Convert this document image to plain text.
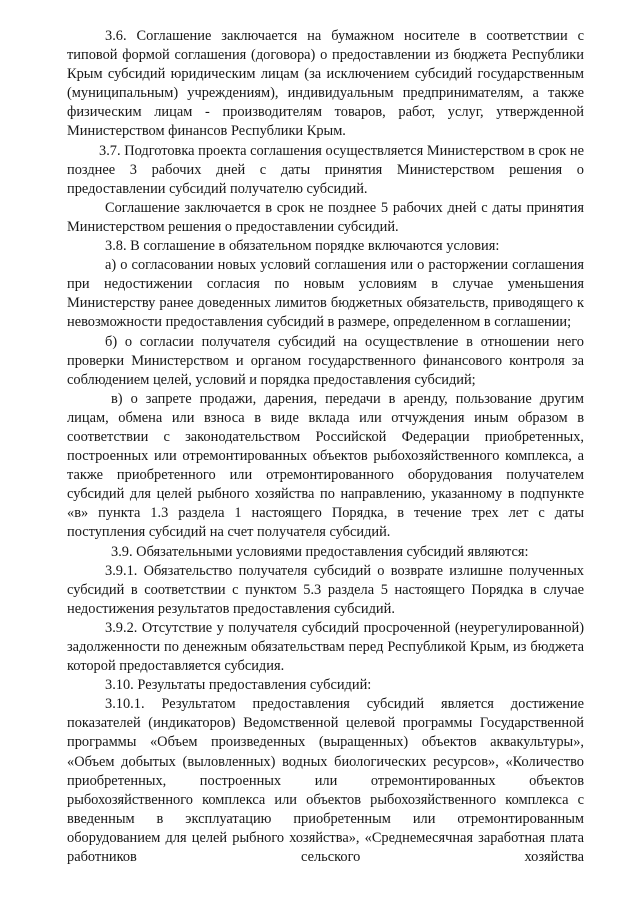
3.6. Соглашение заключается на бумажном носителе в соответствии с типовой формой соглашения (договора) о предоставлении из бюджета Республики Крым субсидий юридическим лицам (за исключением субсидий государственным (муниципальным) учреждениям), индивидуальным предпринимателям, а также физическим лицам - производителям товаров, работ, услуг, утвержденной Министерством финансов Республики Крым.

3.7. Подготовка проекта соглашения осуществляется Министерством в срок не позднее 3 рабочих дней с даты принятия Министерством решения о предоставлении субсидий получателю субсидий.

Соглашение заключается в срок не позднее 5 рабочих дней с даты принятия Министерством решения о предоставлении субсидий.

3.8. В соглашение в обязательном порядке включаются условия:

а) о согласовании новых условий соглашения или о расторжении соглашения при недостижении согласия по новым условиям в случае уменьшения Министерству ранее доведенных лимитов бюджетных обязательств, приводящего к невозможности предоставления субсидий в размере, определенном в соглашении;

б) о согласии получателя субсидий на осуществление в отношении него проверки Министерством и органом государственного финансового контроля за соблюдением целей, условий и порядка предоставления субсидий;

в) о запрете продажи, дарения, передачи в аренду, пользование другим лицам, обмена или взноса в виде вклада или отчуждения иным образом в соответствии с законодательством Российской Федерации приобретенных, построенных или отремонтированных объектов рыбохозяйственного комплекса, а также приобретенного или отремонтированного оборудования получателем субсидий для целей рыбного хозяйства по направлению, указанному в подпункте «в» пункта 1.3 раздела 1 настоящего Порядка, в течение трех лет с даты поступления субсидий на счет получателя субсидий.

3.9. Обязательными условиями предоставления субсидий являются:

3.9.1. Обязательство получателя субсидий о возврате излишне полученных субсидий в соответствии с пунктом 5.3 раздела 5 настоящего Порядка в случае недостижения результатов предоставления субсидий.

3.9.2. Отсутствие у получателя субсидий просроченной (неурегулированной) задолженности по денежным обязательствам перед Республикой Крым, из бюджета которой предоставляется субсидия.

3.10. Результаты предоставления субсидий:

3.10.1. Результатом предоставления субсидий является достижение показателей (индикаторов) Ведомственной целевой программы Государственной программы «Объем произведенных (выращенных) объектов аквакультуры», «Объем добытых (выловленных) водных биологических ресурсов», «Количество приобретенных, построенных или отремонтированных объектов рыбохозяйственного комплекса или объектов рыбохозяйственного комплекса с введенным в эксплуатацию приобретенным или отремонтированным оборудованием для целей рыбного хозяйства», «Среднемесячная заработная плата работников сельского хозяйства
